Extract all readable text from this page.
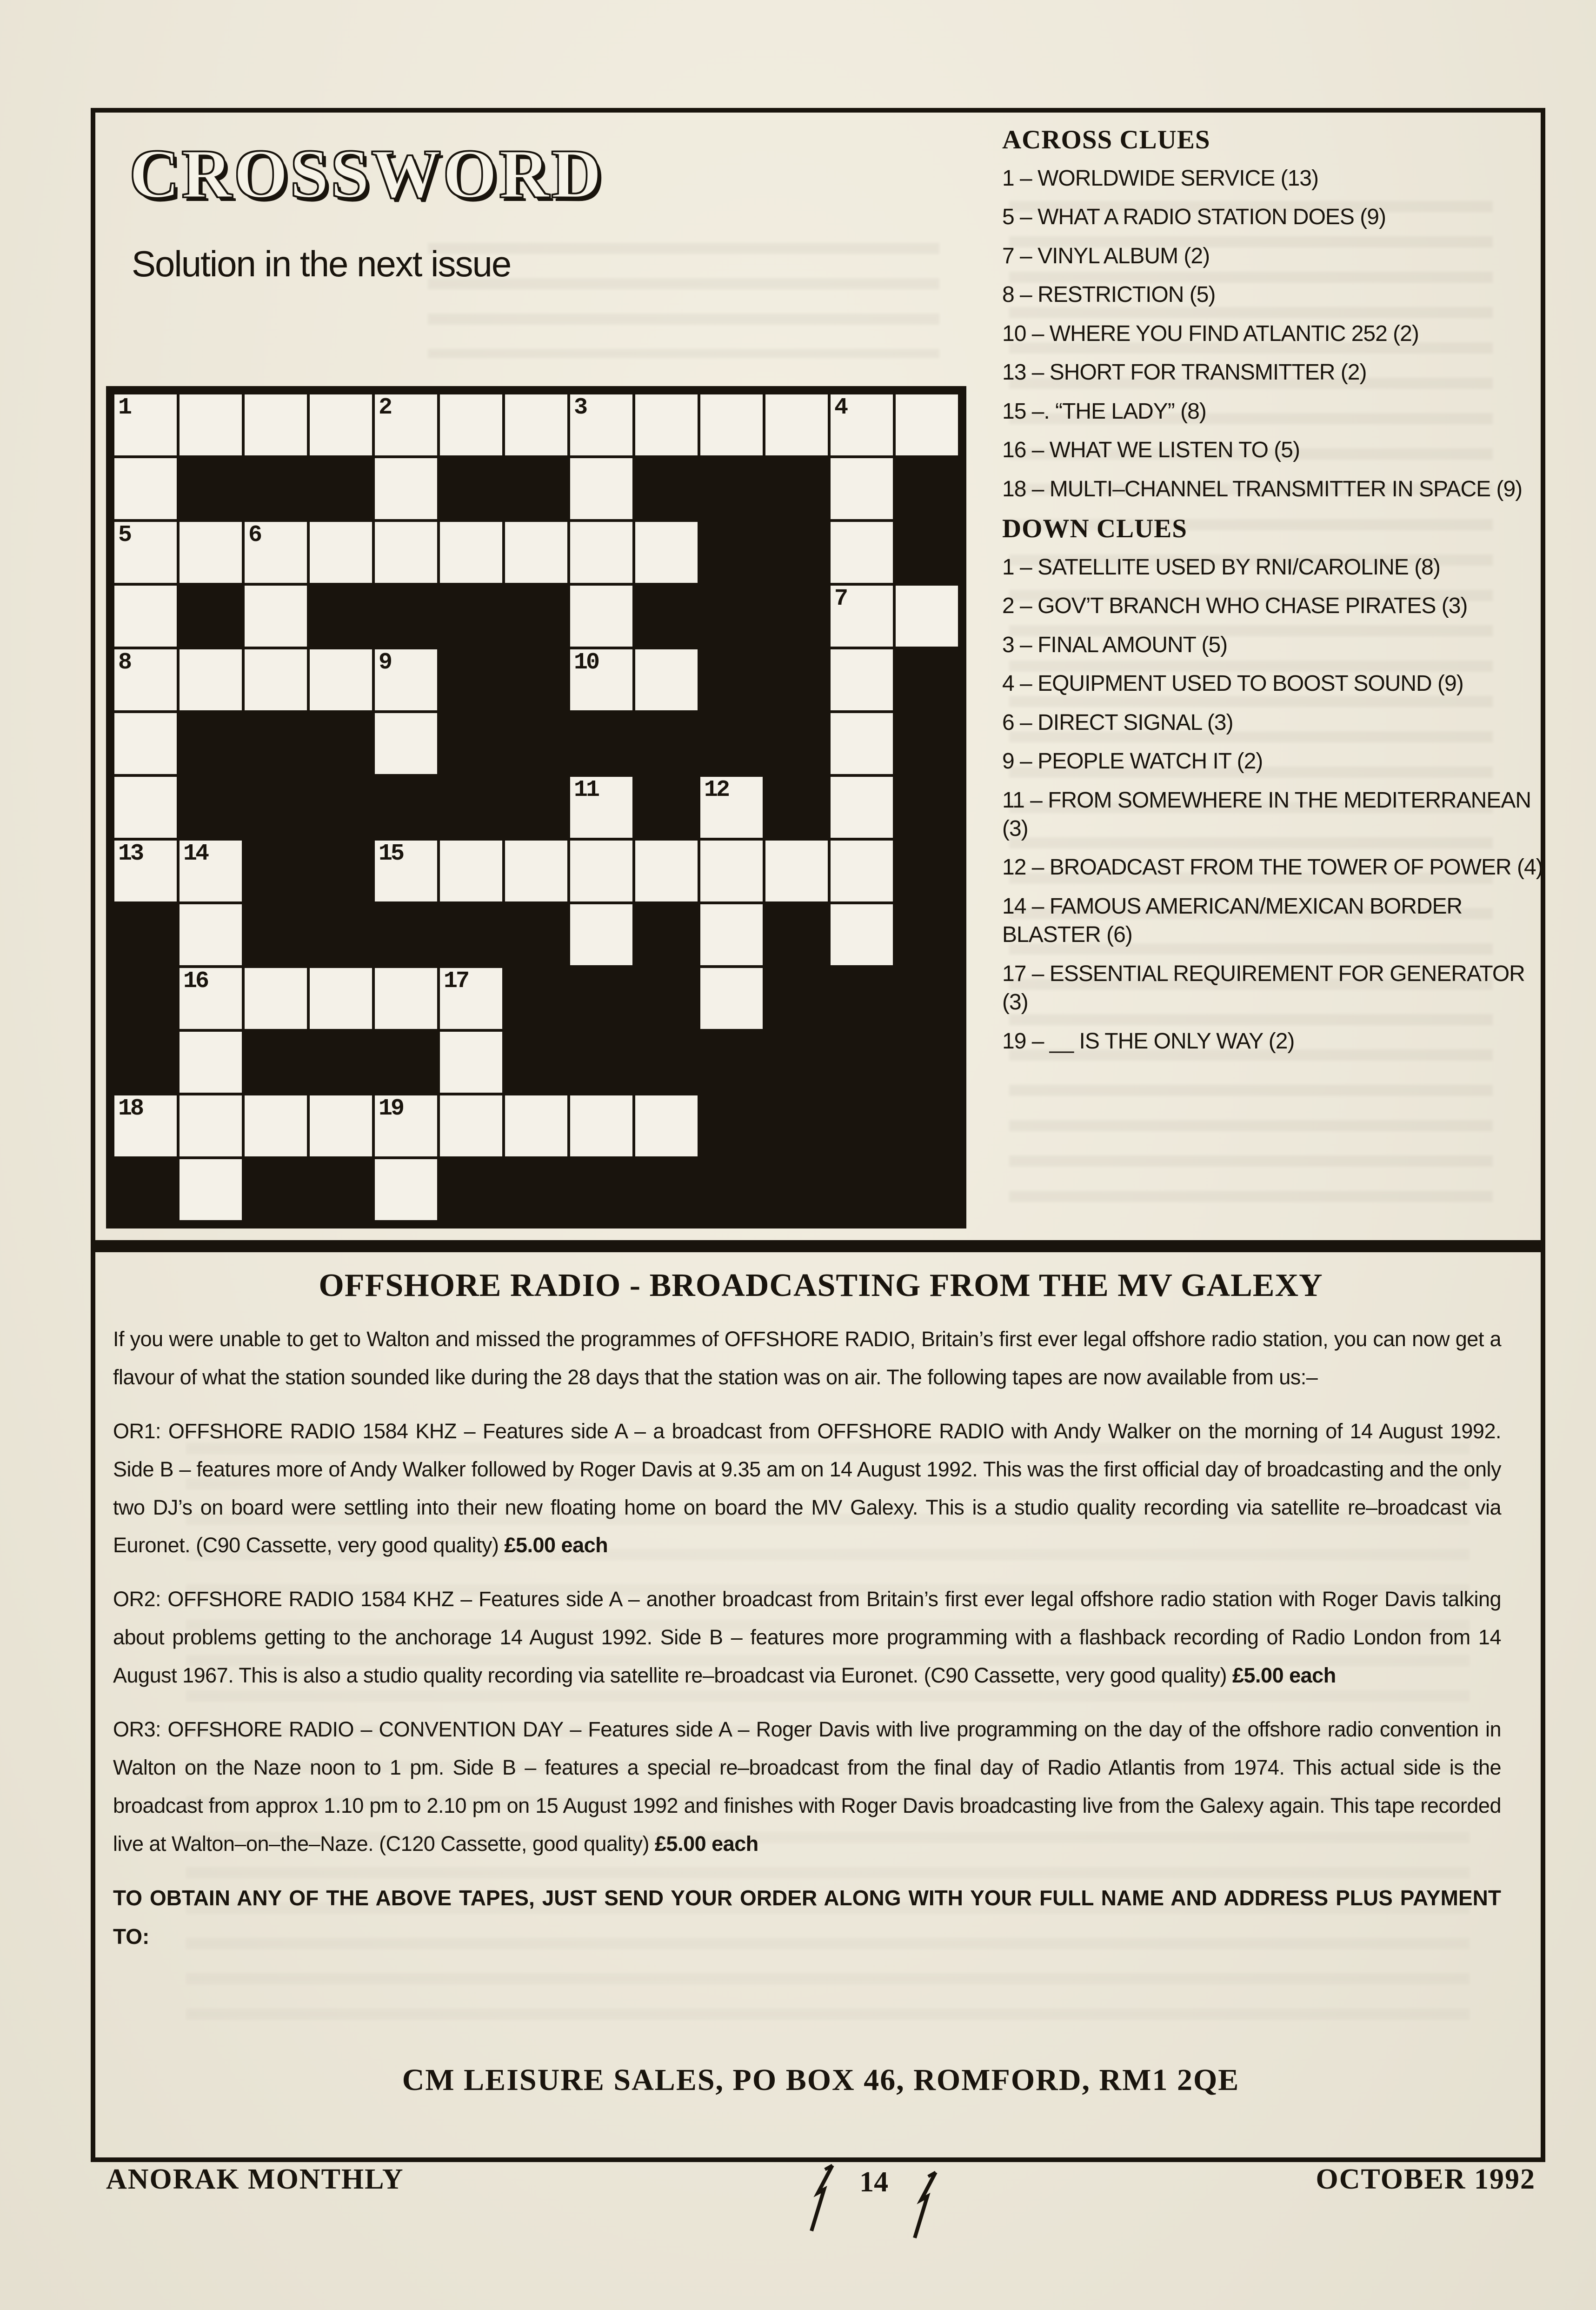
CROSSWORD
Solution in the next issue
1	2	3	4
5	6
7
8	9	10
11	12
13 14	15
16	17
18	19
ACROSS CLUES
1 – WORLDWIDE SERVICE (13)
5 – WHAT A RADIO STATION DOES (9)
7 – VINYL ALBUM (2)
8 – RESTRICTION (5)
10 – WHERE YOU FIND ATLANTIC 252 (2)
13 – SHORT FOR TRANSMITTER (2)
15 –. “THE LADY” (8)
16 – WHAT WE LISTEN TO (5)
18 – MULTI–CHANNEL TRANSMITTER IN SPACE (9)
DOWN CLUES
1 – SATELLITE USED BY RNI/CAROLINE (8)
2 – GOV’T BRANCH WHO CHASE PIRATES (3)
3 – FINAL AMOUNT (5)
4 – EQUIPMENT USED TO BOOST SOUND (9)
6 – DIRECT SIGNAL (3)
9 – PEOPLE WATCH IT (2)
11 – FROM SOMEWHERE IN THE MEDITERRANEAN (3)
12 – BROADCAST FROM THE TOWER OF POWER (4)
14 – FAMOUS AMERICAN/MEXICAN BORDER BLASTER (6)
17 – ESSENTIAL REQUIREMENT FOR GENERATOR (3)
19 – __ IS THE ONLY WAY (2)
OFFSHORE RADIO - BROADCASTING FROM THE MV GALEXY

If you were unable to get to Walton and missed the programmes of OFFSHORE RADIO, Britain’s first ever legal offshore radio station, you can now get a flavour of what the station sounded like during the 28 days that the station was on air. The following tapes are now available from us:–

OR1: OFFSHORE RADIO 1584 KHZ – Features side A – a broadcast from OFFSHORE RADIO with Andy Walker on the morning of 14 August 1992. Side B – features more of Andy Walker followed by Roger Davis at 9.35 am on 14 August 1992. This was the first official day of broadcasting and the only two DJ’s on board were settling into their new floating home on board the MV Galexy. This is a studio quality recording via satellite re–broadcast via Euronet. (C90 Cassette, very good quality) £5.00 each

OR2: OFFSHORE RADIO 1584 KHZ – Features side A – another broadcast from Britain’s first ever legal offshore radio station with Roger Davis talking about problems getting to the anchorage 14 August 1992. Side B – features more programming with a flashback recording of Radio London from 14 August 1967. This is also a studio quality recording via satellite re–broadcast via Euronet. (C90 Cassette, very good quality) £5.00 each

OR3: OFFSHORE RADIO – CONVENTION DAY – Features side A – Roger Davis with live programming on the day of the offshore radio convention in Walton on the Naze noon to 1 pm. Side B – features a special re–broadcast from the final day of Radio Atlantis from 1974. This actual side is the broadcast from approx 1.10 pm to 2.10 pm on 15 August 1992 and finishes with Roger Davis broadcasting live from the Galexy again. This tape recorded live at Walton–on–the–Naze. (C120 Cassette, good quality) £5.00 each

TO OBTAIN ANY OF THE ABOVE TAPES, JUST SEND YOUR ORDER ALONG WITH YOUR FULL NAME AND ADDRESS PLUS PAYMENT TO:

CM LEISURE SALES, PO BOX 46, ROMFORD, RM1 2QE
ANORAK MONTHLY	14	OCTOBER 1992
